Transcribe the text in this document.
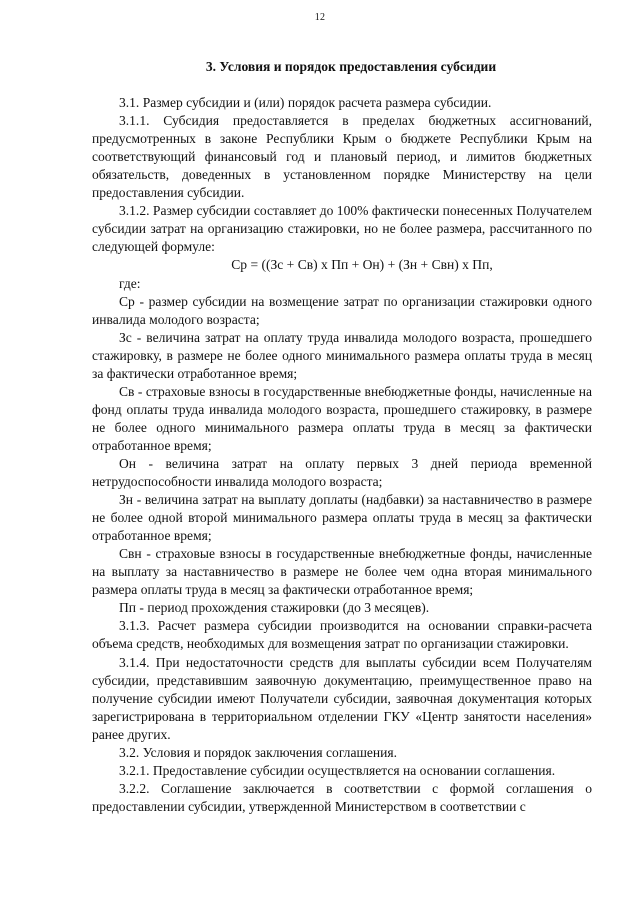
12
3. Условия и порядок предоставления субсидии

3.1. Размер субсидии и (или) порядок расчета размера субсидии.

3.1.1. Субсидия предоставляется в пределах бюджетных ассигнований, предусмотренных в законе Республики Крым о бюджете Республики Крым на соответствующий финансовый год и плановый период, и лимитов бюджетных обязательств, доведенных в установленном порядке Министерству на цели предоставления субсидии.

3.1.2. Размер субсидии составляет до 100% фактически понесенных Получателем субсидии затрат на организацию стажировки, но не более размера, рассчитанного по следующей формуле:

Ср = ((Зс + Св) х Пп + Он) + (Зн + Свн) х Пп,

где:

Ср - размер субсидии на возмещение затрат по организации стажировки одного инвалида молодого возраста;

Зс - величина затрат на оплату труда инвалида молодого возраста, прошедшего стажировку, в размере не более одного минимального размера оплаты труда в месяц за фактически отработанное время;

Св - страховые взносы в государственные внебюджетные фонды, начисленные на фонд оплаты труда инвалида молодого возраста, прошедшего стажировку, в размере не более одного минимального размера оплаты труда в месяц за фактически отработанное время;

Он - величина затрат на оплату первых 3 дней периода временной нетрудоспособности инвалида молодого возраста;

Зн - величина затрат на выплату доплаты (надбавки) за наставничество в размере не более одной второй минимального размера оплаты труда в месяц за фактически отработанное время;

Свн - страховые взносы в государственные внебюджетные фонды, начисленные на выплату за наставничество в размере не более чем одна вторая минимального размера оплаты труда в месяц за фактически отработанное время;

Пп - период прохождения стажировки (до 3 месяцев).

3.1.3. Расчет размера субсидии производится на основании справки-расчета объема средств, необходимых для возмещения затрат по организации стажировки.

3.1.4. При недостаточности средств для выплаты субсидии всем Получателям субсидии, представившим заявочную документацию, преимущественное право на получение субсидии имеют Получатели субсидии, заявочная документация которых зарегистрирована в территориальном отделении ГКУ «Центр занятости населения» ранее других.

3.2. Условия и порядок заключения соглашения.

3.2.1. Предоставление субсидии осуществляется на основании соглашения.

3.2.2. Соглашение заключается в соответствии с формой соглашения о предоставлении субсидии, утвержденной Министерством в соответствии с
